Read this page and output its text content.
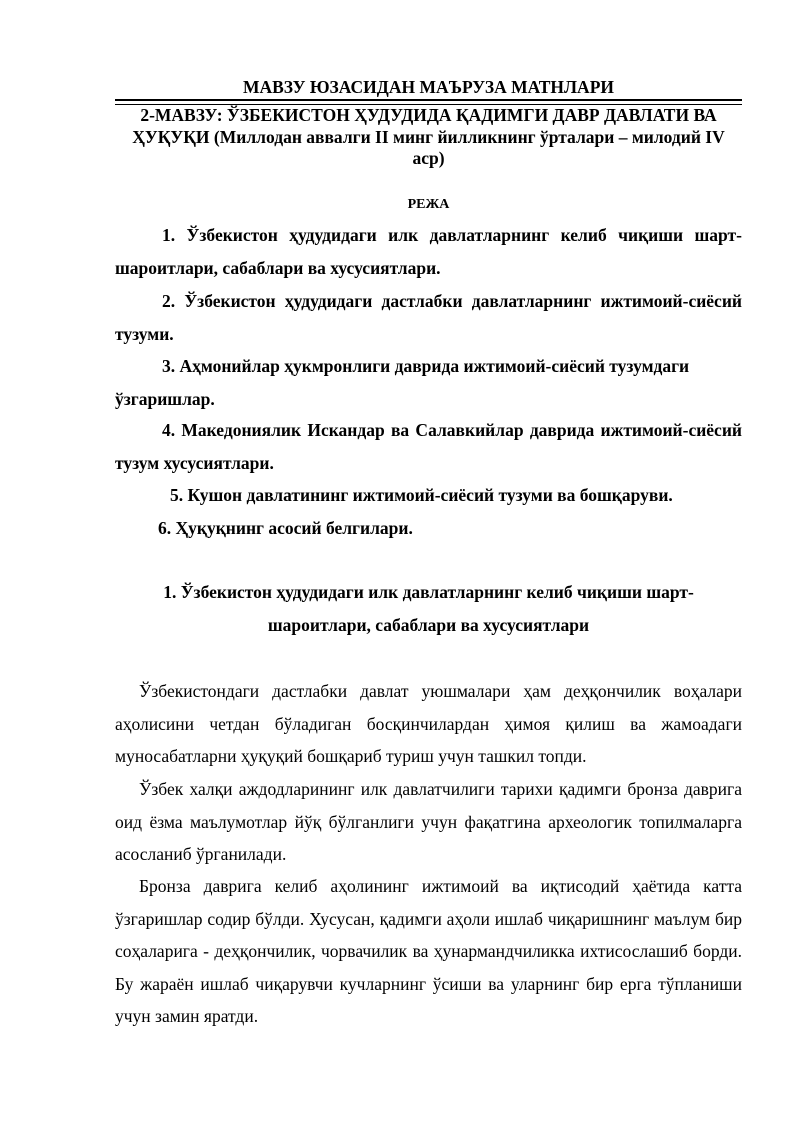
МАВЗУ ЮЗАСИДАН МАЪРУЗА МАТНЛАРИ
2-МАВЗУ: ЎЗБЕКИСТОН ҲУДУДИДА ҚАДИМГИ ДАВР ДАВЛАТИ ВА ҲУҚУҚИ (Миллодан аввалги II минг йилликнинг ўрталари – милодий IV аср)
РЕЖА
1. Ўзбекистон ҳудудидаги илк давлатларнинг келиб чиқиши шарт-шароитлари, сабаблари ва хусусиятлари.
2. Ўзбекистон ҳудудидаги дастлабки давлатларнинг ижтимоий-сиёсий тузуми.
3. Аҳмонийлар ҳукмронлиги даврида ижтимоий-сиёсий тузумдаги ўзгаришлар.
4. Македониялик Искандар ва Салавкийлар даврида ижтимоий-сиёсий тузум хусусиятлари.
5. Кушон давлатининг ижтимоий-сиёсий тузуми ва бошқаруви.
6. Ҳуқуқнинг асосий белгилари.
1. Ўзбекистон ҳудудидаги илк давлатларнинг келиб чиқиши шарт-шароитлари, сабаблари ва хусусиятлари
Ўзбекистондаги дастлабки давлат уюшмалари ҳам деҳқончилик воҳалари аҳолисини четдан бўладиган босқинчилардан ҳимоя қилиш ва жамоадаги муносабатларни ҳуқуқий бошқариб туриш учун ташкил топди.
Ўзбек халқи аждодларининг илк давлатчилиги тарихи қадимги бронза даврига оид ёзма маълумотлар йўқ бўлганлиги учун фақатгина археологик топилмаларга асосланиб ўрганилади.
Бронза даврига келиб аҳолининг ижтимоий ва иқтисодий ҳаётида катта ўзгаришлар содир бўлди. Хусусан, қадимги аҳоли ишлаб чиқаришнинг маълум бир соҳаларига - деҳқончилик, чорвачилик ва ҳунармандчиликка ихтисослашиб борди. Бу жараён ишлаб чиқарувчи кучларнинг ўсиши ва уларнинг бир ерга тўпланиши учун замин яратди.
